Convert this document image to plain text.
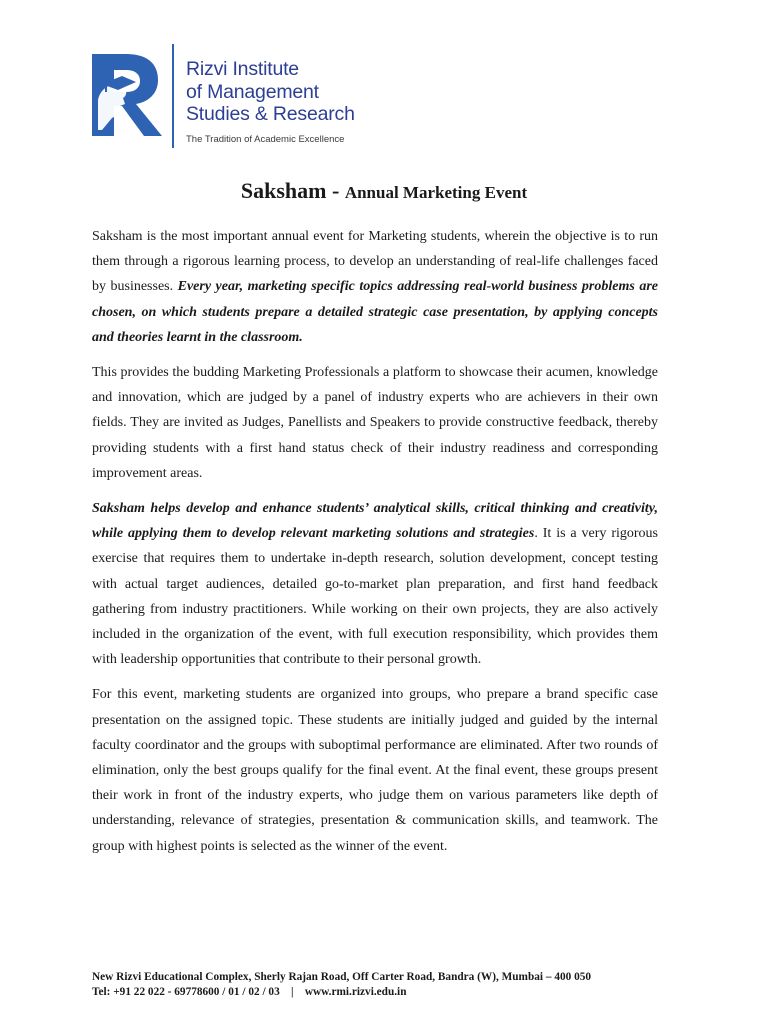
Rizvi Institute
of Management
Studies & Research
The Tradition of Academic Excellence
Saksham - Annual Marketing Event

Saksham is the most important annual event for Marketing students, wherein the objective is to run them through a rigorous learning process, to develop an understanding of real-life challenges faced by businesses. Every year, marketing specific topics addressing real-world business problems are chosen, on which students prepare a detailed strategic case presentation, by applying concepts and theories learnt in the classroom.

This provides the budding Marketing Professionals a platform to showcase their acumen, knowledge and innovation, which are judged by a panel of industry experts who are achievers in their own fields. They are invited as Judges, Panellists and Speakers to provide constructive feedback, thereby providing students with a first hand status check of their industry readiness and corresponding improvement areas.

Saksham helps develop and enhance students’ analytical skills, critical thinking and creativity, while applying them to develop relevant marketing solutions and strategies. It is a very rigorous exercise that requires them to undertake in-depth research, solution development, concept testing with actual target audiences, detailed go-to-market plan preparation, and first hand feedback gathering from industry practitioners. While working on their own projects, they are also actively included in the organization of the event, with full execution responsibility, which provides them with leadership opportunities that contribute to their personal growth.

For this event, marketing students are organized into groups, who prepare a brand specific case presentation on the assigned topic. These students are initially judged and guided by the internal faculty coordinator and the groups with suboptimal performance are eliminated. After two rounds of elimination, only the best groups qualify for the final event. At the final event, these groups present their work in front of the industry experts, who judge them on various parameters like depth of understanding, relevance of strategies, presentation & communication skills, and teamwork. The group with highest points is selected as the winner of the event.

New Rizvi Educational Complex, Sherly Rajan Road, Off Carter Road, Bandra (W), Mumbai – 400 050
Tel: +91 22 022 - 69778600 / 01 / 02 / 03 | www.rmi.rizvi.edu.in
